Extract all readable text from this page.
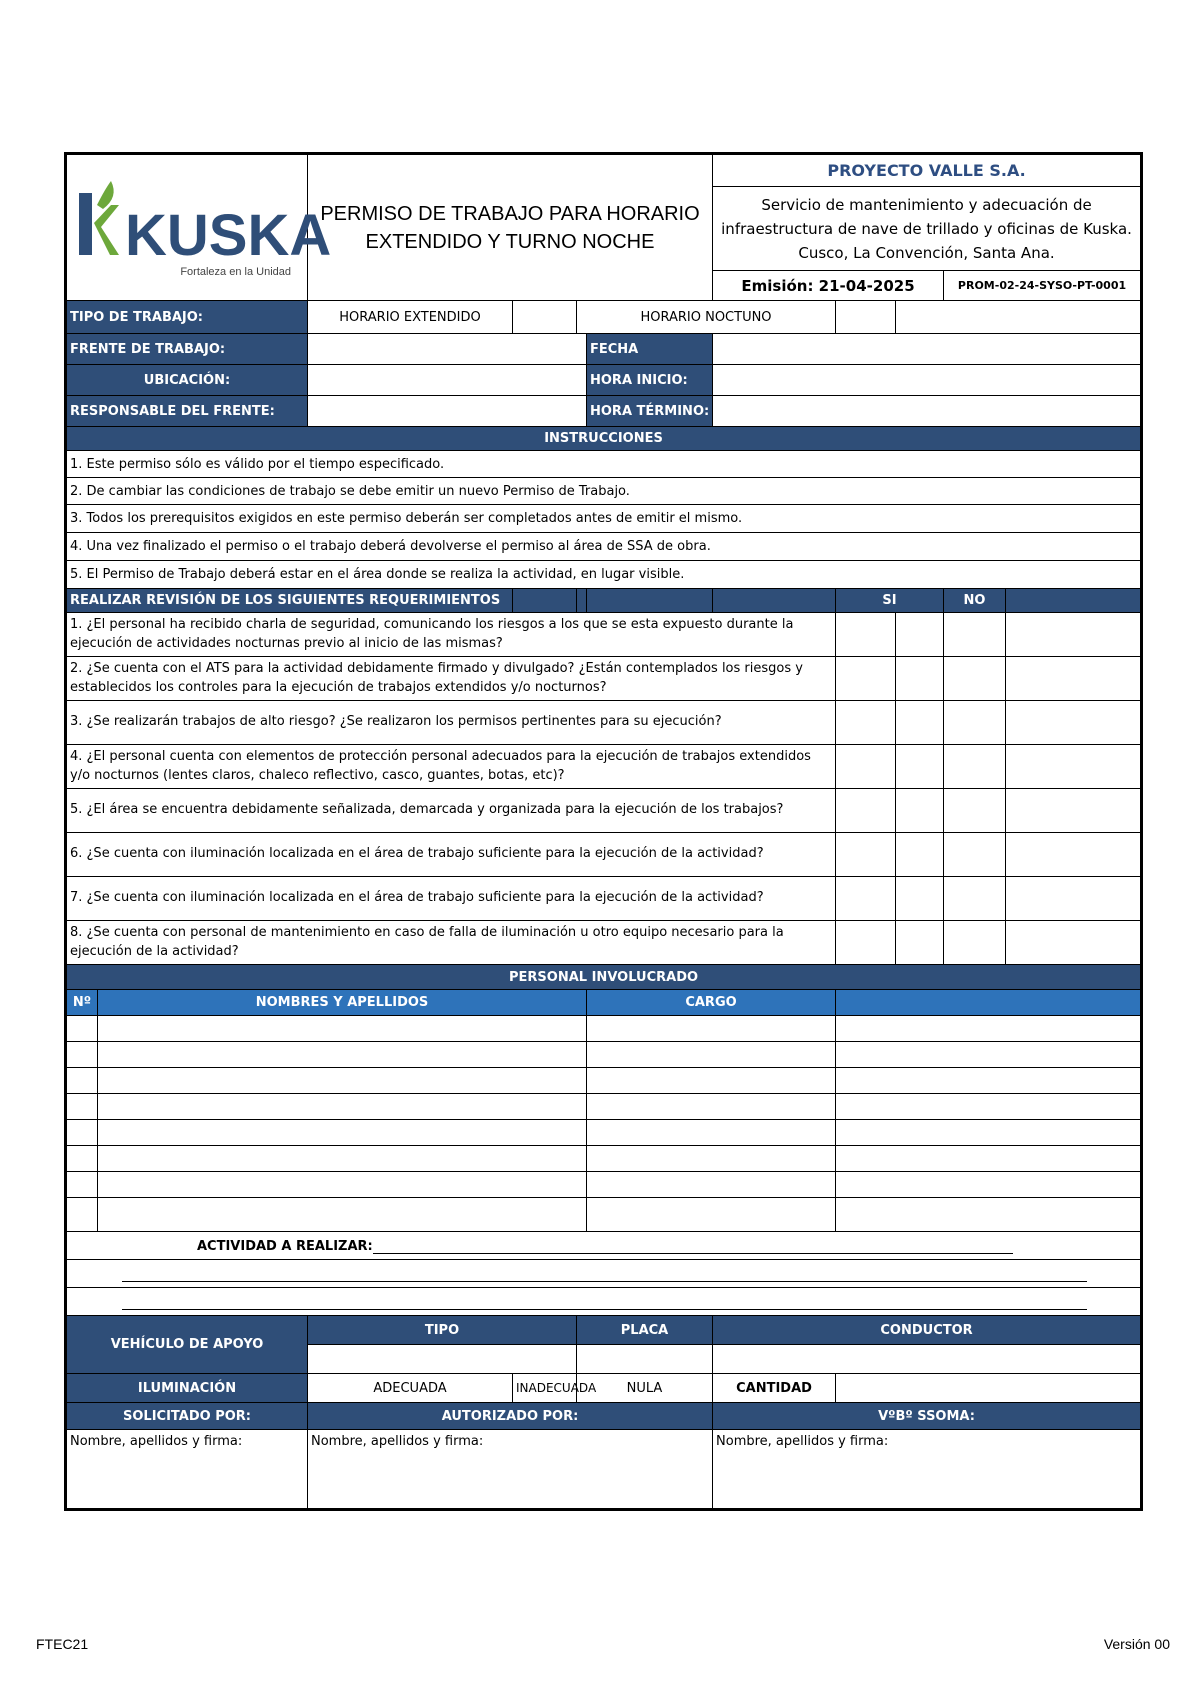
KUSKA
Fortaleza en la Unidad		PERMISO DE TRABAJO PARA HORARIO EXTENDIDO Y TURNO NOCHE				PROYECTO VALLE S.A.				
						Servicio de mantenimiento y adecuación de infraestructura de nave de trillado y oficinas de Kuska. Cusco, La Convención, Santa Ana.				

						Emisión: 21-04-2025			PROM-02-24-SYSO-PT-0001	
TIPO DE TRABAJO:		HORARIO EXTENDIDO		HORARIO NOCTUNO						
FRENTE DE TRABAJO:					FECHA					
UBICACIÓN:					HORA INICIO:					
RESPONSABLE DEL FRENTE:					HORA TÉRMINO:					
INSTRUCCIONES										
1. Este permiso sólo es válido por el tiempo especificado.										
2. De cambiar las condiciones de trabajo se debe emitir un nuevo Permiso de Trabajo.										
3. Todos los prerequisitos exigidos en este permiso deberán ser completados antes de emitir el mismo.										
4. Una vez finalizado el permiso o el trabajo deberá devolverse el permiso al área de SSA de obra.										
5. El Permiso de Trabajo deberá estar en el área donde se realiza la actividad, en lugar visible.										
REALIZAR REVISIÓN DE LOS SIGUIENTES REQUERIMIENTOS							SI		NO	
1. ¿El personal ha recibido charla de seguridad, comunicando los riesgos a los que se esta expuesto durante la ejecución de actividades nocturnas previo al inicio de las mismas?										
2. ¿Se cuenta con el ATS para la actividad debidamente firmado y divulgado? ¿Están contemplados los riesgos y establecidos los controles para la ejecución de trabajos extendidos y/o nocturnos?										
3. ¿Se realizarán trabajos de alto riesgo? ¿Se realizaron los permisos pertinentes para su ejecución?										
4. ¿El personal cuenta con elementos de protección personal adecuados para la ejecución de trabajos extendidos y/o nocturnos (lentes claros, chaleco reflectivo, casco, guantes, botas, etc)?										
5. ¿El área se encuentra debidamente señalizada, demarcada y organizada para la ejecución de los trabajos?										
6. ¿Se cuenta con iluminación localizada en el área de trabajo suficiente para la ejecución de la actividad?										
7. ¿Se cuenta con iluminación localizada en el área de trabajo suficiente para la ejecución de la actividad?										
8. ¿Se cuenta con personal de mantenimiento en caso de falla de iluminación u otro equipo necesario para la ejecución de la actividad?										
PERSONAL INVOLUCRADO										
Nº	NOMBRES Y APELLIDOS				CARGO					

ACTIVIDAD A REALIZAR:										

VEHÍCULO DE APOYO		TIPO		PLACA		CONDUCTOR				

ILUMINACIÓN		ADECUADA	INADECUADA	NULA		CANTIDAD				
SOLICITADO POR:		AUTORIZADO POR:				VºBº SSOMA:				
Nombre, apellidos y firma:		Nombre, apellidos y firma:				Nombre, apellidos y firma:				
FTEC21	Versión 00
